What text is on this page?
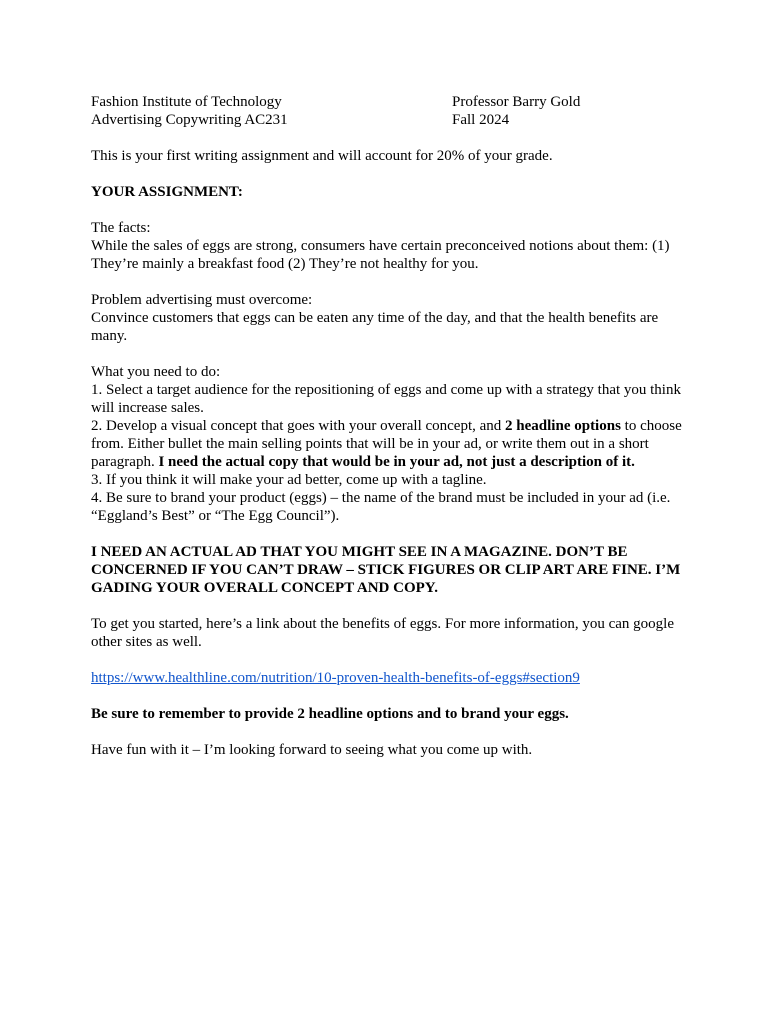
Fashion Institute of Technology	Professor Barry Gold
Advertising Copywriting AC231	Fall 2024

This is your first writing assignment and will account for 20% of your grade.

YOUR ASSIGNMENT:

The facts:

While the sales of eggs are strong, consumers have certain preconceived notions about them: (1) They’re mainly a breakfast food (2) They’re not healthy for you.

Problem advertising must overcome:

Convince customers that eggs can be eaten any time of the day, and that the health benefits are many.

What you need to do:

1. Select a target audience for the repositioning of eggs and come up with a strategy that you think will increase sales.

2. Develop a visual concept that goes with your overall concept, and 2 headline options to choose from. Either bullet the main selling points that will be in your ad, or write them out in a short paragraph. I need the actual copy that would be in your ad, not just a description of it.

3. If you think it will make your ad better, come up with a tagline.

4. Be sure to brand your product (eggs) – the name of the brand must be included in your ad (i.e. “Eggland’s Best” or “The Egg Council”).

I NEED AN ACTUAL AD THAT YOU MIGHT SEE IN A MAGAZINE. DON’T BE CONCERNED IF YOU CAN’T DRAW – STICK FIGURES OR CLIP ART ARE FINE. I’M GADING YOUR OVERALL CONCEPT AND COPY.

To get you started, here’s a link about the benefits of eggs. For more information, you can google other sites as well.

https://www.healthline.com/nutrition/10-proven-health-benefits-of-eggs#section9

Be sure to remember to provide 2 headline options and to brand your eggs.

Have fun with it – I’m looking forward to seeing what you come up with.
